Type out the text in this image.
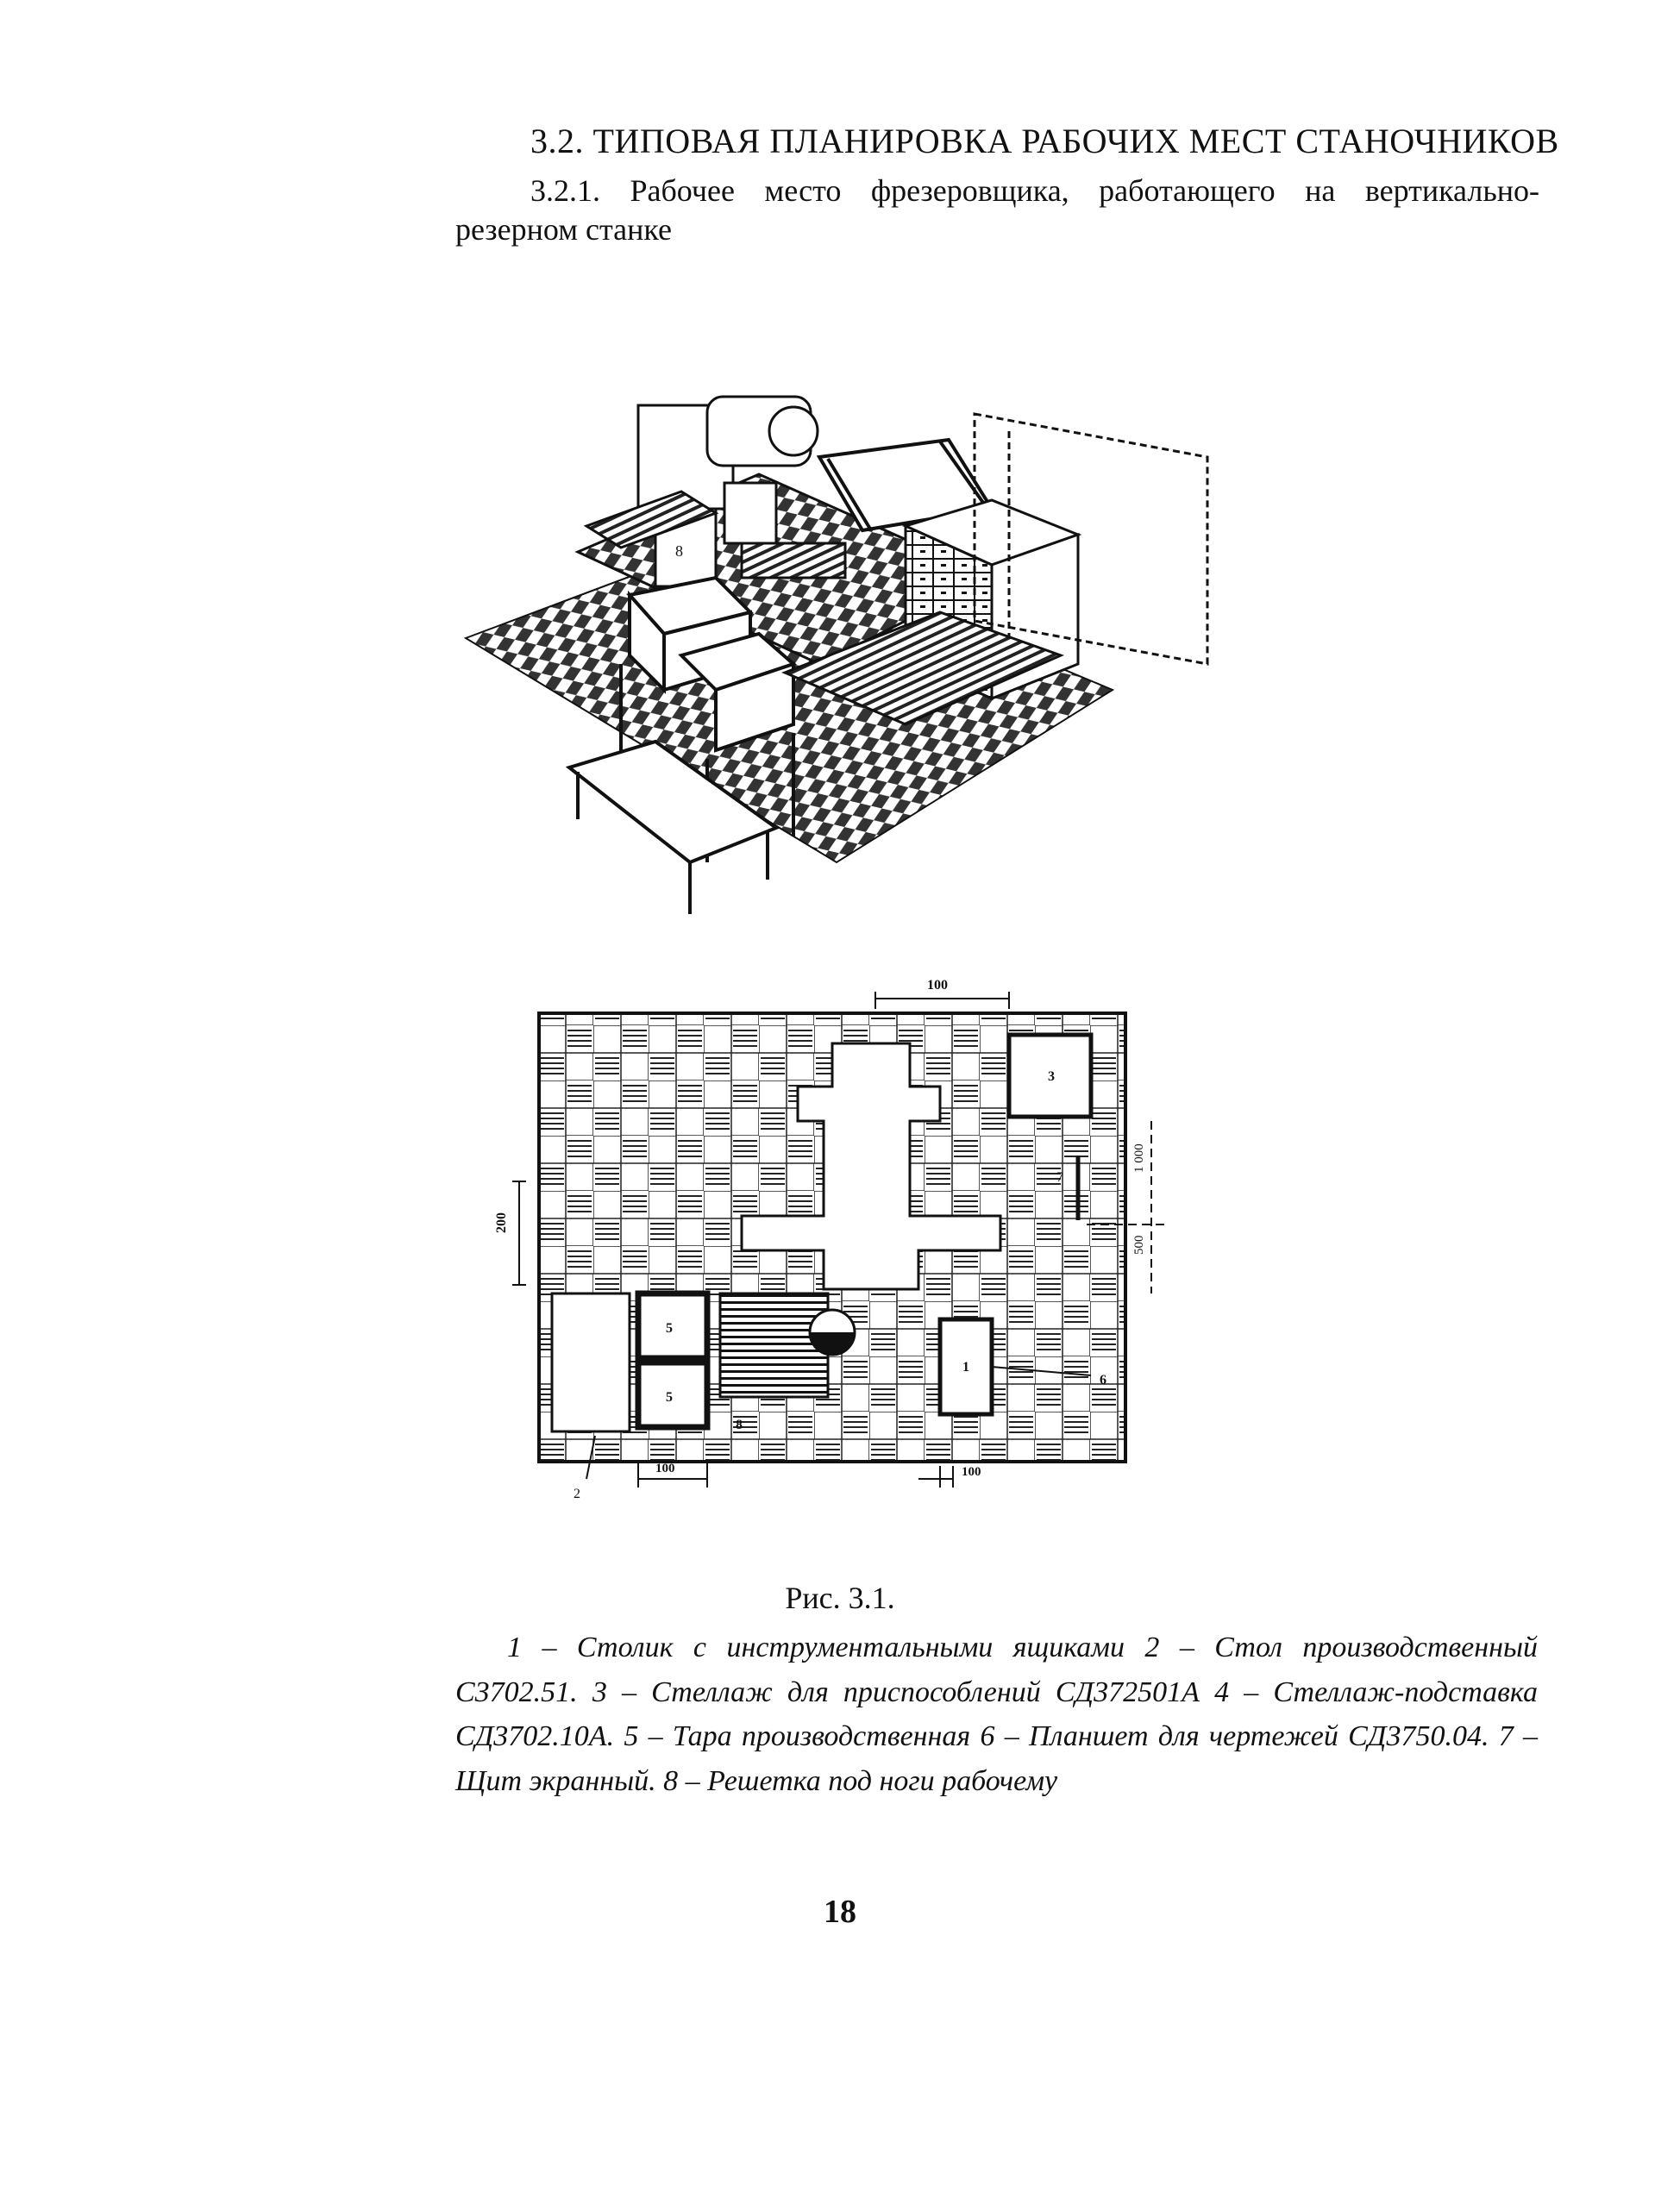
3.2. ТИПОВАЯ ПЛАНИРОВКА РАБОЧИХ МЕСТ СТАНОЧНИКОВ
3.2.1. Рабочее место фрезеровщика, работающего на вертикально-
резерном станке
8
100
3
5
5
8
1
7
6
2
200
1 000
500
100	100
Рис. 3.1.
1 – Столик с инструментальными ящиками 2 – Стол производственный С3702.51. 3 – Стеллаж для приспособлений СД372501А 4 – Стеллаж-подставка СД3702.10А. 5 – Тара производственная 6 – Планшет для чертежей СД3750.04. 7 – Щит экранный. 8 – Решетка под ноги рабочему
18
